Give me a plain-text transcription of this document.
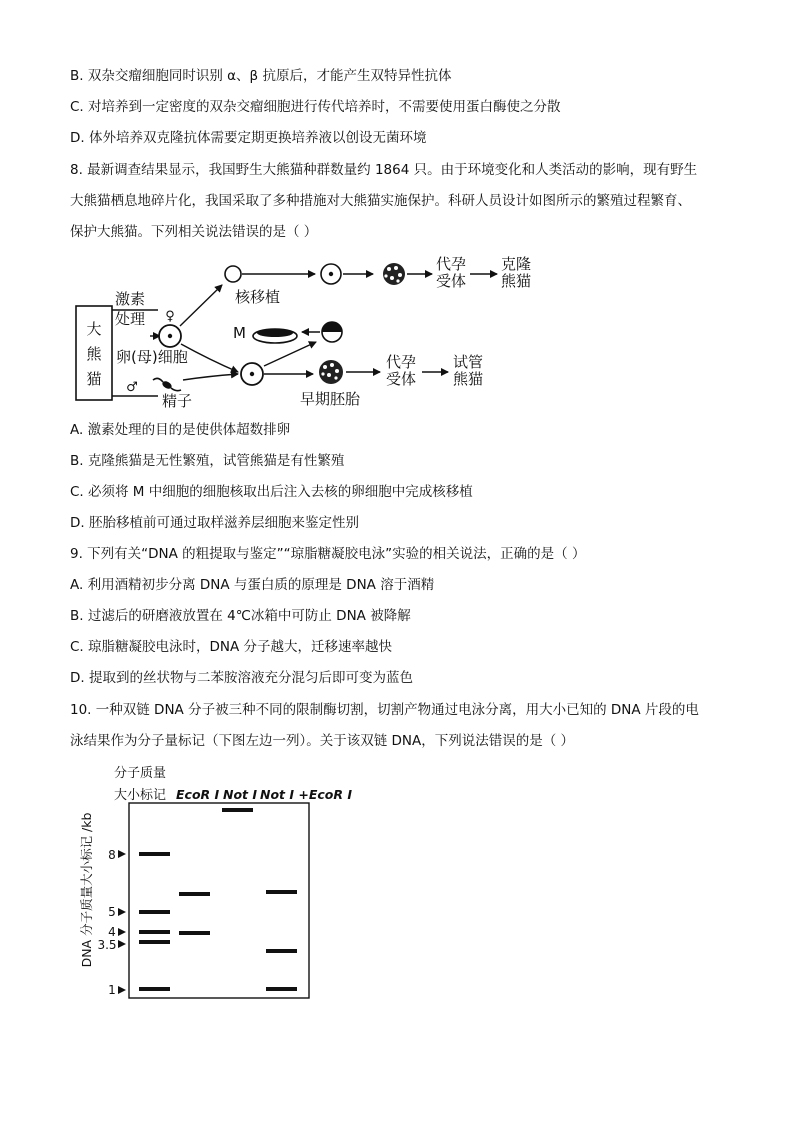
B. 双杂交瘤细胞同时识别 α、β 抗原后，才能产生双特异性抗体
C. 对培养到一定密度的双杂交瘤细胞进行传代培养时，不需要使用蛋白酶使之分散
D. 体外培养双克隆抗体需要定期更换培养液以创设无菌环境
8. 最新调查结果显示，我国野生大熊猫种群数量约 1864 只。由于环境变化和人类活动的影响，现有野生
大熊猫栖息地碎片化，我国采取了多种措施对大熊猫实施保护。科研人员设计如图所示的繁殖过程繁育、
保护大熊猫。下列相关说法错误的是（ ）
大
熊
猫
♀
♂
激素
处理
卵(母)细胞
精子
核移植
代孕
受体
克隆
熊猫
M
早期胚胎
代孕
受体
试管
熊猫
A. 激素处理的目的是使供体超数排卵
B. 克隆熊猫是无性繁殖，试管熊猫是有性繁殖
C. 必须将 M 中细胞的细胞核取出后注入去核的卵细胞中完成核移植
D. 胚胎移植前可通过取样滋养层细胞来鉴定性别
9. 下列有关“DNA 的粗提取与鉴定”“琼脂糖凝胶电泳”实验的相关说法，正确的是（ ）
A. 利用酒精初步分离 DNA 与蛋白质的原理是 DNA 溶于酒精
B. 过滤后的研磨液放置在 4℃冰箱中可防止 DNA 被降解
C. 琼脂糖凝胶电泳时，DNA 分子越大，迁移速率越快
D. 提取到的丝状物与二苯胺溶液充分混匀后即可变为蓝色
10. 一种双链 DNA 分子被三种不同的限制酶切割，切割产物通过电泳分离，用大小已知的 DNA 片段的电
泳结果作为分子量标记（下图左边一列）。关于该双链 DNA，下列说法错误的是（ ）
分子质量
大小标记 EcoR Ⅰ Not Ⅰ Not Ⅰ +EcoR Ⅰ
DNA 分子质量大小标记 /kb 8
5
4
3.5
1
